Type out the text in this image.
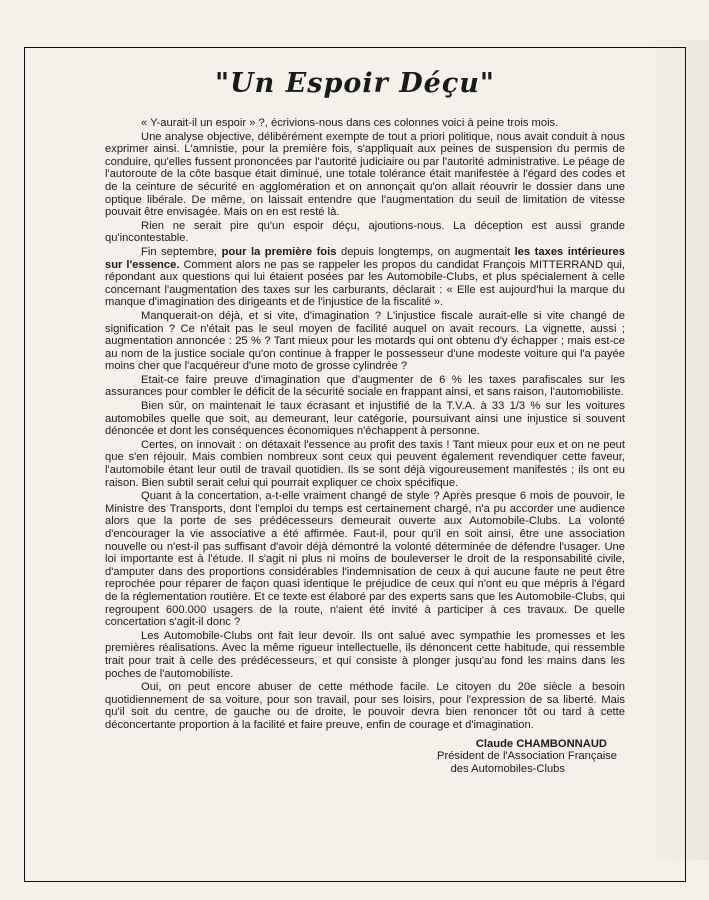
"Un Espoir Déçu"

« Y-aurait-il un espoir » ?, écrivions-nous dans ces colonnes voici à peine trois mois.

Une analyse objective, délibérément exempte de tout a priori politique, nous avait conduit à nous exprimer ainsi. L'amnistie, pour la première fois, s'appliquait aux peines de suspension du permis de conduire, qu'elles fussent prononcées par l'autorité judiciaire ou par l'autorité administrative. Le péage de l'autoroute de la côte basque était diminué, une totale tolérance était manifestée à l'égard des codes et de la ceinture de sécurité en agglomération et on annonçait qu'on allait réouvrir le dossier dans une optique libérale. De même, on laissait entendre que l'augmentation du seuil de limitation de vitesse pouvait être envisagée. Mais on en est resté là.

Rien ne serait pire qu'un espoir déçu, ajoutions-nous. La déception est aussi grande qu'incontestable.

Fin septembre, pour la première fois depuis longtemps, on augmentait les taxes intérieures sur l'essence. Comment alors ne pas se rappeler les propos du candidat François MITTERRAND qui, répondant aux questions qui lui étaient posées par les Automobile-Clubs, et plus spécialement à celle concernant l'augmentation des taxes sur les carburants, déclarait : « Elle est aujourd'hui la marque du manque d'imagination des dirigeants et de l'injustice de la fiscalité ».

Manquerait-on déjà, et si vite, d'imagination ? L'injustice fiscale aurait-elle si vite changé de signification ? Ce n'était pas le seul moyen de facilité auquel on avait recours. La vignette, aussi ; augmentation annoncée : 25 % ? Tant mieux pour les motards qui ont obtenu d'y échapper ; mais est-ce au nom de la justice sociale qu'on continue à frapper le possesseur d'une modeste voiture qui l'a payée moins cher que l'acquéreur d'une moto de grosse cylindrée ?

Etait-ce faire preuve d'imagination que d'augmenter de 6 % les taxes parafiscales sur les assurances pour combler le déficit de la sécurité sociale en frappant ainsi, et sans raison, l'automobiliste.

Bien sûr, on maintenait le taux écrasant et injustifié de la T.V.A. à 33 1/3 % sur les voitures automobiles quelle que soit, au demeurant, leur catégorie, poursuivant ainsi une injustice si souvent dénoncée et dont les conséquences économiques n'échappent à personne.

Certes, on innovait : on détaxait l'essence au profit des taxis ! Tant mieux pour eux et on ne peut que s'en réjouir. Mais combien nombreux sont ceux qui peuvent également revendiquer cette faveur, l'automobile étant leur outil de travail quotidien. Ils se sont déjà vigoureusement manifestés ; ils ont eu raison. Bien subtil serait celui qui pourrait expliquer ce choix spécifique.

Quant à la concertation, a-t-elle vraiment changé de style ? Après presque 6 mois de pouvoir, le Ministre des Transports, dont l'emploi du temps est certainement chargé, n'a pu accorder une audience alors que la porte de ses prédécesseurs demeurait ouverte aux Automobile-Clubs. La volonté d'encourager la vie associative a été affirmée. Faut-il, pour qu'il en soit ainsi, être une association nouvelle ou n'est-il pas suffisant d'avoir déjà démontré la volonté déterminée de défendre l'usager. Une loi importante est à l'étude. Il s'agit ni plus ni moins de bouleverser le droit de la responsabilité civile, d'amputer dans des proportions considérables l'indemnisation de ceux à qui aucune faute ne peut être reprochée pour réparer de façon quasi identique le préjudice de ceux qui n'ont eu que mépris à l'égard de la réglementation routière. Et ce texte est élaboré par des experts sans que les Automobile-Clubs, qui regroupent 600.000 usagers de la route, n'aient été invité à participer à ces travaux. De quelle concertation s'agit-il donc ?

Les Automobile-Clubs ont fait leur devoir. Ils ont salué avec sympathie les promesses et les premières réalisations. Avec la même rigueur intellectuelle, ils dénoncent cette habitude, qui ressemble trait pour trait à celle des prédécesseurs, et qui consiste à plonger jusqu'au fond les mains dans les poches de l'automobiliste.

Oui, on peut encore abuser de cette méthode facile. Le citoyen du 20e siècle a besoin quotidiennement de sa voiture, pour son travail, pour ses loisirs, pour l'expression de sa liberté. Mais qu'il soit du centre, de gauche ou de droite, le pouvoir devra bien renoncer tôt ou tard à cette déconcertante proportion à la facilité et faire preuve, enfin de courage et d'imagination.

Claude CHAMBONNAUD
Président de l'Association Française
des Automobiles-Clubs
